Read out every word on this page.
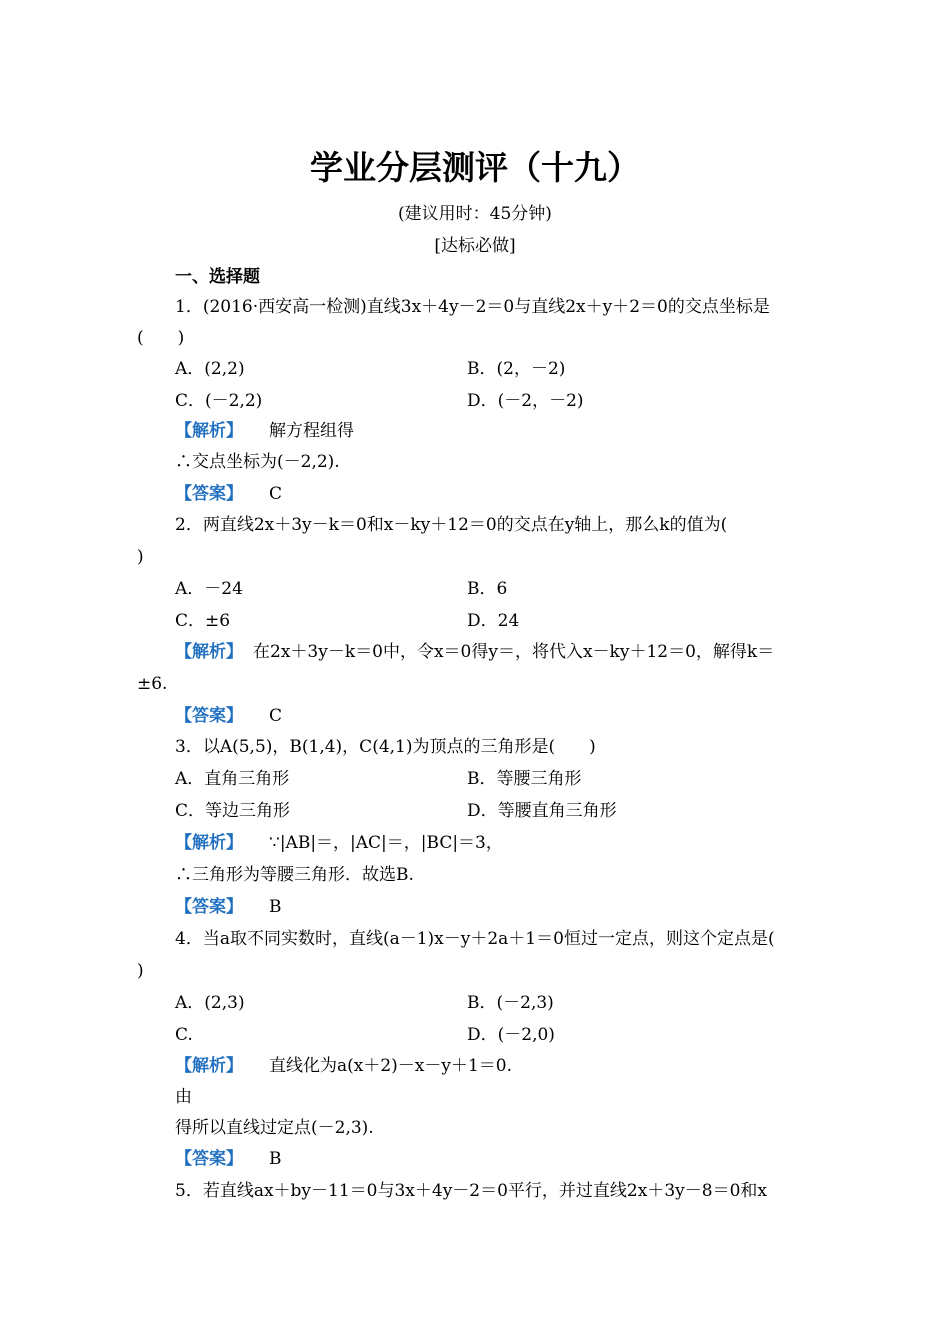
学业分层测评（十九）
(建议用时：45分钟)
[达标必做]
一、选择题
1．(2016·西安高一检测)直线3x＋4y－2＝0与直线2x＋y＋2＝0的交点坐标是
(　　)
A．(2,2)	B．(2，－2)
C．(－2,2)	D．(－2，－2)
【解析】 解方程组得
∴交点坐标为(－2,2).
【答案】 C
2．两直线2x＋3y－k＝0和x－ky＋12＝0的交点在y轴上，那么k的值为(
)
A．－24	B．6
C．±6	D．24
【解析】 在2x＋3y－k＝0中，令x＝0得y＝，将代入x－ky＋12＝0，解得k＝
±6.
【答案】 C
3．以A(5,5)，B(1,4)，C(4,1)为顶点的三角形是(　　)
A．直角三角形	B．等腰三角形
C．等边三角形	D．等腰直角三角形
【解析】 ∵|AB|＝，|AC|＝，|BC|＝3，
∴三角形为等腰三角形．故选B.
【答案】 B
4．当a取不同实数时，直线(a－1)x－y＋2a＋1＝0恒过一定点，则这个定点是(
)
A．(2,3)	B．(－2,3)
C.	D．(－2,0)
【解析】 直线化为a(x＋2)－x－y＋1＝0.
由
得所以直线过定点(－2,3).
【答案】 B
5．若直线ax＋by－11＝0与3x＋4y－2＝0平行，并过直线2x＋3y－8＝0和x
